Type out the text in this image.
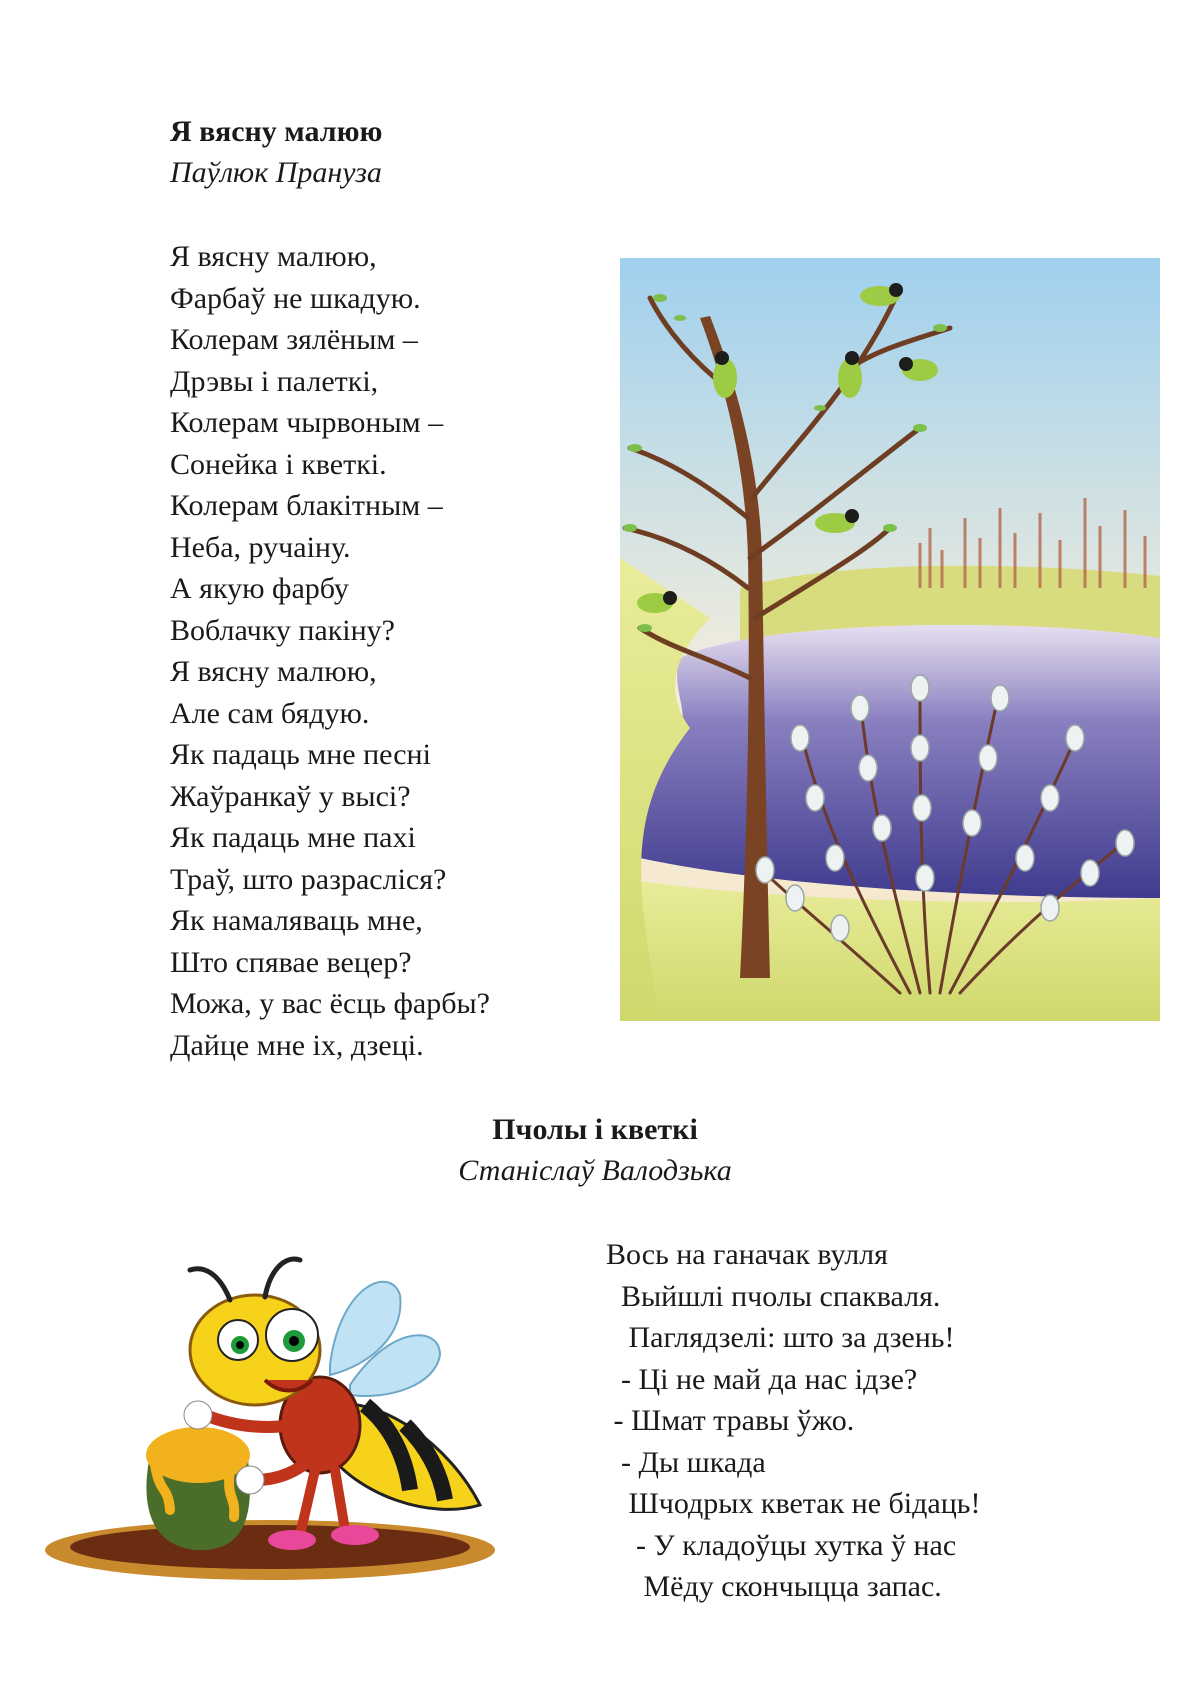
Я вясну малюю
Паўлюк Пранузa
Я вясну малюю,
Фарбаў не шкадую.
Колерам зялёным –
Дрэвы і палеткі,
Колерам чырвоным –
Сонейка і кветкі.
Колерам блакітным –
Неба, ручаіну.
А якую фарбу
Воблачку пакіну?
Я вясну малюю,
Але сам бядую.
Як падаць мне песні
Жаўранкаў у высі?
Як падаць мне пахі
Траў, што разраслiся?
Як намаляваць мне,
Што спявае вецер?
Можа, у вас ёсць фарбы?
Дайце мне іх, дзеці.
Пчолы і кветкі
Станіслаў Валодзька
Вось на ганачак вулля
Выйшлі пчолы спакваля.
Паглядзелі: што за дзень!
- Ці не май да нас ідзе?
- Шмат травы ўжо.
- Ды шкада
Шчодрых кветак не бiдаць!
- У кладоўцы хутка ў нас
Мёду скончыцца запас.
